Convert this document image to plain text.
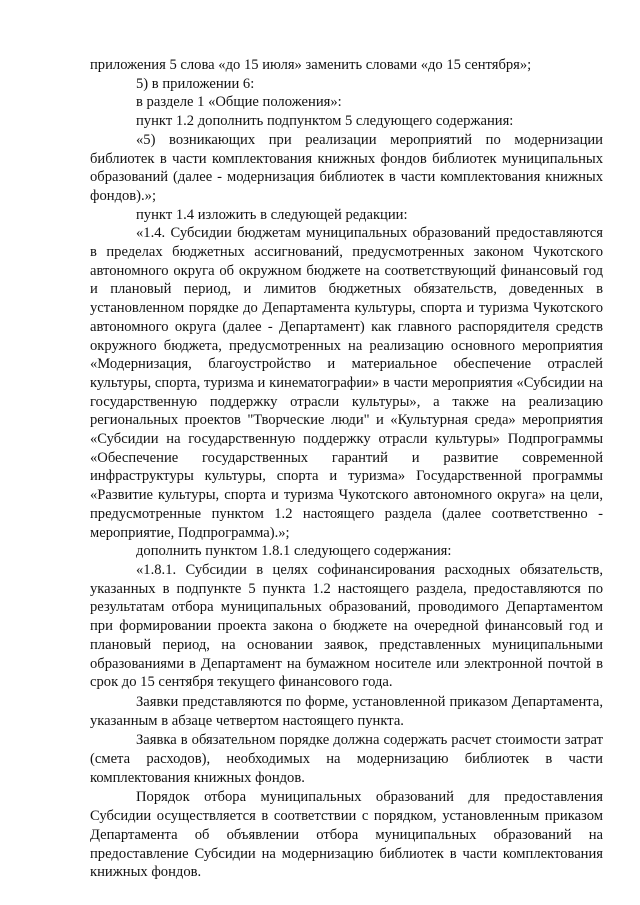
приложения 5 слова «до 15 июля» заменить словами «до 15 сентября»;

5) в приложении 6:

в разделе 1 «Общие положения»:

пункт 1.2 дополнить подпунктом 5 следующего содержания:

«5) возникающих при реализации мероприятий по модернизации библиотек в части комплектования книжных фондов библиотек муниципальных образований (далее - модернизация библиотек в части комплектования книжных фондов).»;

пункт 1.4 изложить в следующей редакции:

«1.4. Субсидии бюджетам муниципальных образований предоставляются в пределах бюджетных ассигнований, предусмотренных законом Чукотского автономного округа об окружном бюджете на соответствующий финансовый год и плановый период, и лимитов бюджетных обязательств, доведенных в установленном порядке до Департамента культуры, спорта и туризма Чукотского автономного округа (далее - Департамент) как главного распорядителя средств окружного бюджета, предусмотренных на реализацию основного мероприятия «Модернизация, благоустройство и материальное обеспечение отраслей культуры, спорта, туризма и кинематографии» в части мероприятия «Субсидии на государственную поддержку отрасли культуры», а также на реализацию региональных проектов "Творческие люди" и «Культурная среда» мероприятия «Субсидии на государственную поддержку отрасли культуры» Подпрограммы «Обеспечение государственных гарантий и развитие современной инфраструктуры культуры, спорта и туризма» Государственной программы «Развитие культуры, спорта и туризма Чукотского автономного округа» на цели, предусмотренные пунктом 1.2 настоящего раздела (далее соответственно - мероприятие, Подпрограмма).»;

дополнить пунктом 1.8.1 следующего содержания:

«1.8.1. Субсидии в целях софинансирования расходных обязательств, указанных в подпункте 5 пункта 1.2 настоящего раздела, предоставляются по результатам отбора муниципальных образований, проводимого Департаментом при формировании проекта закона о бюджете на очередной финансовый год и плановый период, на основании заявок, представленных муниципальными образованиями в Департамент на бумажном носителе или электронной почтой в срок до 15 сентября текущего финансового года.

Заявки представляются по форме, установленной приказом Департамента, указанным в абзаце четвертом настоящего пункта.

Заявка в обязательном порядке должна содержать расчет стоимости затрат (смета расходов), необходимых на модернизацию библиотек в части комплектования книжных фондов.

Порядок отбора муниципальных образований для предоставления Субсидии осуществляется в соответствии с порядком, установленным приказом Департамента об объявлении отбора муниципальных образований на предоставление Субсидии на модернизацию библиотек в части комплектования книжных фондов.
